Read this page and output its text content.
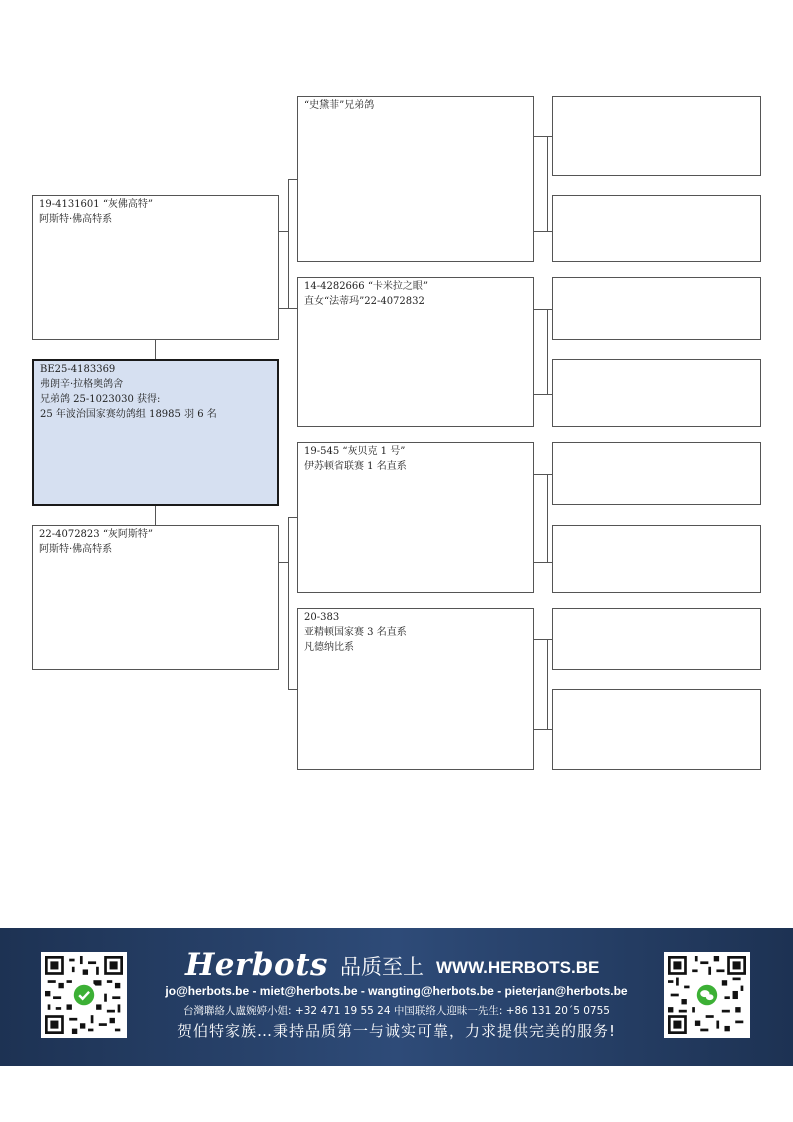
19-4131601 “灰佛高特”
阿斯特·佛高特系
BE25-4183369
弗朗辛·拉格奥鸽舍
兄弟鸽 25-1023030 获得:
25 年波治国家赛幼鸽组 18985 羽 6 名
22-4072823 “灰阿斯特”
阿斯特·佛高特系
“史黛菲”兄弟鸽
14-4282666 “卡米拉之眼”
直女“法蒂玛”22-4072832
19-545 “灰贝克 1 号”
伊苏顿省联赛 1 名直系
20-383
亚精顿国家赛 3 名直系
凡德纳比系
Herbots 品质至上 WWW.HERBOTS.BE
jo@herbots.be - miet@herbots.be - wangting@herbots.be - pieterjan@herbots.be
台灣聯絡人盧婉婷小姐: +32 471 19 55 24 中国联络人迎昧一先生: +86 131 20´5 0755
贺伯特家族…秉持品质第一与诚实可靠，力求提供完美的服务!
